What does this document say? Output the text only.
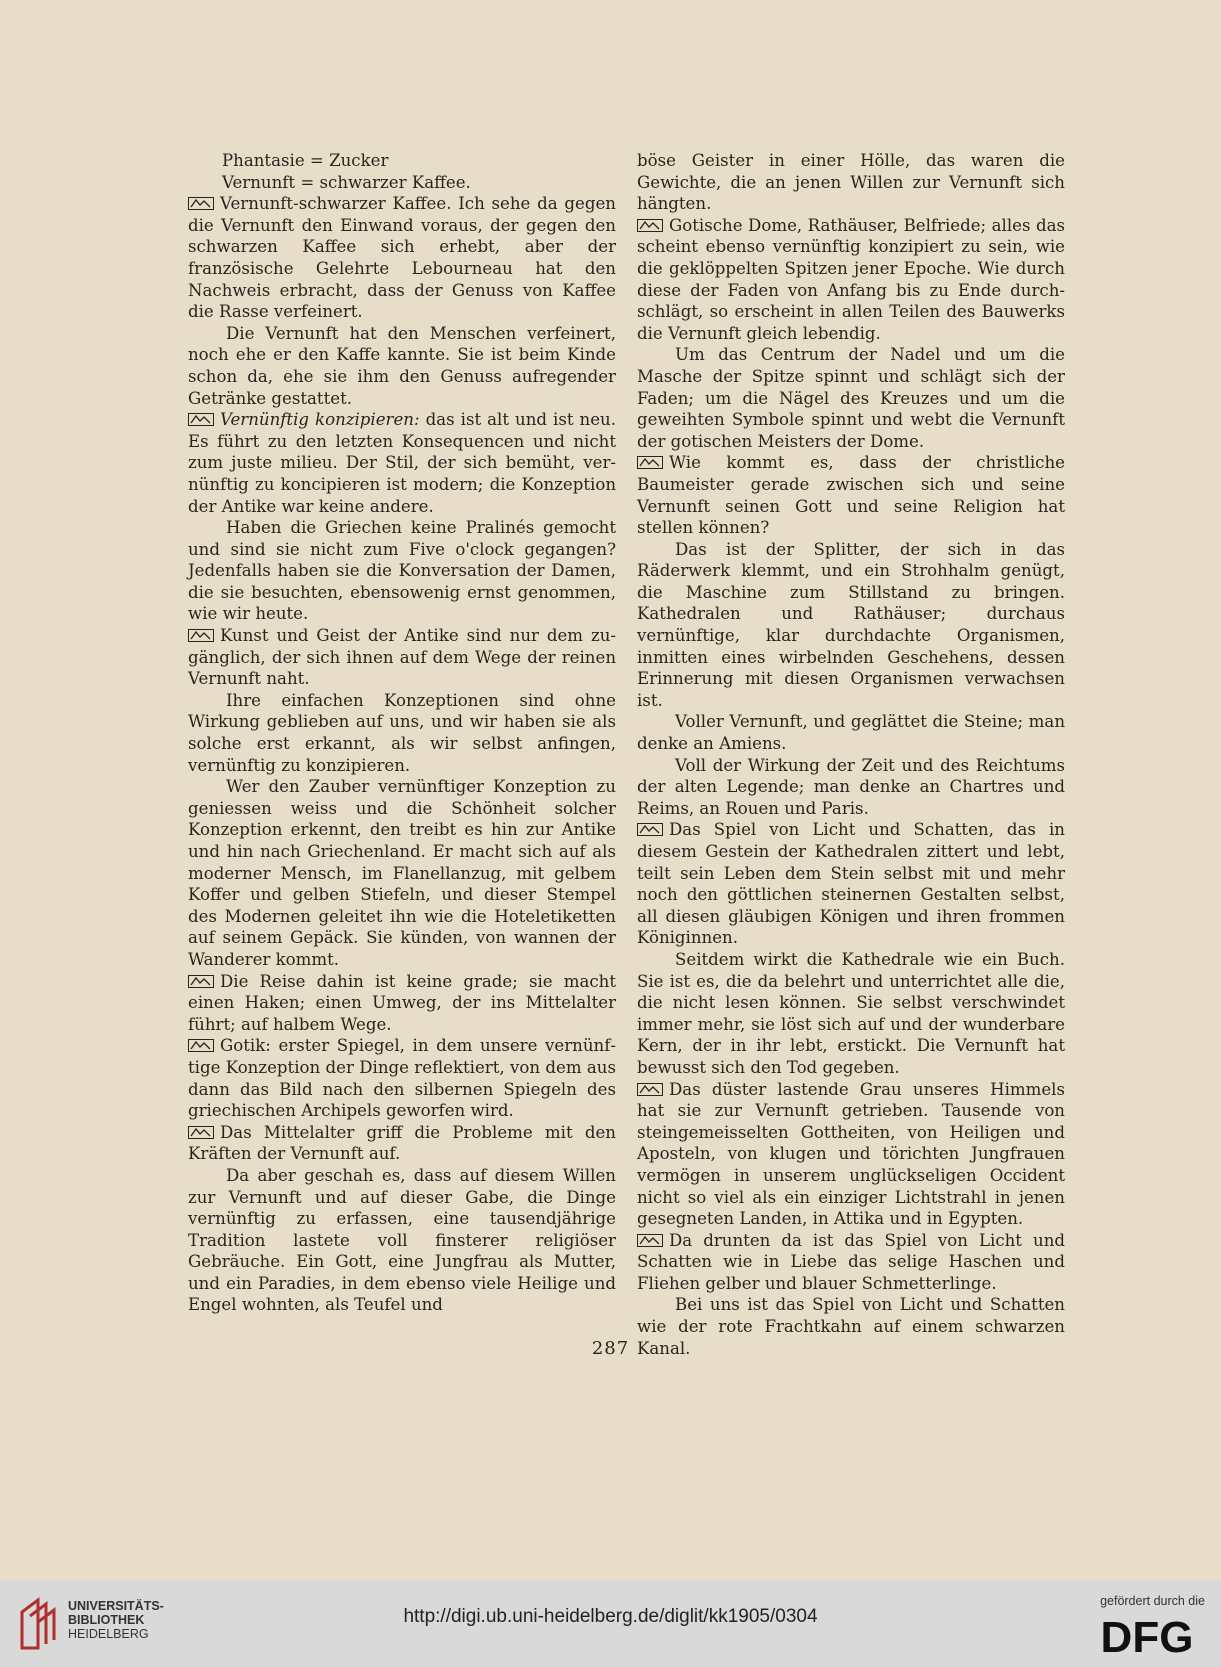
Phantasie = Zucker

Vernunft = schwarzer Kaffee.

Vernunft-schwarzer Kaffee. Ich sehe da gegen die Vernunft den Einwand voraus, der gegen den schwarzen Kaffee sich erhebt, aber der französische Gelehrte Lebourneau hat den Nachweis erbracht, dass der Genuss von Kaffee die Rasse verfeinert.

Die Vernunft hat den Menschen verfeinert, noch ehe er den Kaffe kannte. Sie ist beim Kinde schon da, ehe sie ihm den Genuss aufregender Getränke gestattet.

Vernünftig konzipieren: das ist alt und ist neu. Es führt zu den letzten Konsequencen und nicht zum juste milieu. Der Stil, der sich bemüht, vernünftig zu koncipieren ist modern; die Konzeption der Antike war keine andere.

Haben die Griechen keine Pralinés gemocht und sind sie nicht zum Five o'clock gegangen? Jedenfalls haben sie die Konversation der Damen, die sie besuchten, ebensowenig ernst genommen, wie wir heute.

Kunst und Geist der Antike sind nur dem zugänglich, der sich ihnen auf dem Wege der reinen Vernunft naht.

Ihre einfachen Konzeptionen sind ohne Wirkung geblieben auf uns, und wir haben sie als solche erst erkannt, als wir selbst anfingen, vernünftig zu konzipieren.

Wer den Zauber vernünftiger Konzeption zu geniessen weiss und die Schönheit solcher Konzeption erkennt, den treibt es hin zur Antike und hin nach Griechenland. Er macht sich auf als moderner Mensch, im Flanellanzug, mit gelbem Koffer und gelben Stiefeln, und dieser Stempel des Modernen geleitet ihn wie die Hoteletiketten auf seinem Gepäck. Sie künden, von wannen der Wanderer kommt.

Die Reise dahin ist keine grade; sie macht einen Haken; einen Umweg, der ins Mittelalter führt; auf halbem Wege.

Gotik: erster Spiegel, in dem unsere vernünftige Konzeption der Dinge reflektiert, von dem aus dann das Bild nach den silbernen Spiegeln des griechischen Archipels geworfen wird.

Das Mittelalter griff die Probleme mit den Kräften der Vernunft auf.

Da aber geschah es, dass auf diesem Willen zur Vernunft und auf dieser Gabe, die Dinge vernünftig zu erfassen, eine tausendjährige Tradition lastete voll finsterer religiöser Gebräuche. Ein Gott, eine Jungfrau als Mutter, und ein Paradies, in dem ebenso viele Heilige und Engel wohnten, als Teufel und

böse Geister in einer Hölle, das waren die Gewichte, die an jenen Willen zur Vernunft sich hängten.

Gotische Dome, Rathäuser, Belfriede; alles das scheint ebenso vernünftig konzipiert zu sein, wie die geklöppelten Spitzen jener Epoche. Wie durch diese der Faden von Anfang bis zu Ende durchschlägt, so erscheint in allen Teilen des Bauwerks die Vernunft gleich lebendig.

Um das Centrum der Nadel und um die Masche der Spitze spinnt und schlägt sich der Faden; um die Nägel des Kreuzes und um die geweihten Symbole spinnt und webt die Vernunft der gotischen Meisters der Dome.

Wie kommt es, dass der christliche Baumeister gerade zwischen sich und seine Vernunft seinen Gott und seine Religion hat stellen können?

Das ist der Splitter, der sich in das Räderwerk klemmt, und ein Strohhalm genügt, die Maschine zum Stillstand zu bringen. Kathedralen und Rathäuser; durchaus vernünftige, klar durchdachte Organismen, inmitten eines wirbelnden Geschehens, dessen Erinnerung mit diesen Organismen verwachsen ist.

Voller Vernunft, und geglättet die Steine; man denke an Amiens.

Voll der Wirkung der Zeit und des Reichtums der alten Legende; man denke an Chartres und Reims, an Rouen und Paris.

Das Spiel von Licht und Schatten, das in diesem Gestein der Kathedralen zittert und lebt, teilt sein Leben dem Stein selbst mit und mehr noch den göttlichen steinernen Gestalten selbst, all diesen gläubigen Königen und ihren frommen Königinnen.

Seitdem wirkt die Kathedrale wie ein Buch. Sie ist es, die da belehrt und unterrichtet alle die, die nicht lesen können. Sie selbst verschwindet immer mehr, sie löst sich auf und der wunderbare Kern, der in ihr lebt, erstickt. Die Vernunft hat bewusst sich den Tod gegeben.

Das düster lastende Grau unseres Himmels hat sie zur Vernunft getrieben. Tausende von steingemeisselten Gottheiten, von Heiligen und Aposteln, von klugen und törichten Jungfrauen vermögen in unserem unglückseligen Occident nicht so viel als ein einziger Lichtstrahl in jenen gesegneten Landen, in Attika und in Egypten.

Da drunten da ist das Spiel von Licht und Schatten wie in Liebe das selige Haschen und Fliehen gelber und blauer Schmetterlinge.

Bei uns ist das Spiel von Licht und Schatten wie der rote Frachtkahn auf einem schwarzen Kanal.

287
UNIVERSITÄTS-
BIBLIOTHEK
HEIDELBERG
http://digi.ub.uni-heidelberg.de/diglit/kk1905/0304
gefördert durch die
DFG
